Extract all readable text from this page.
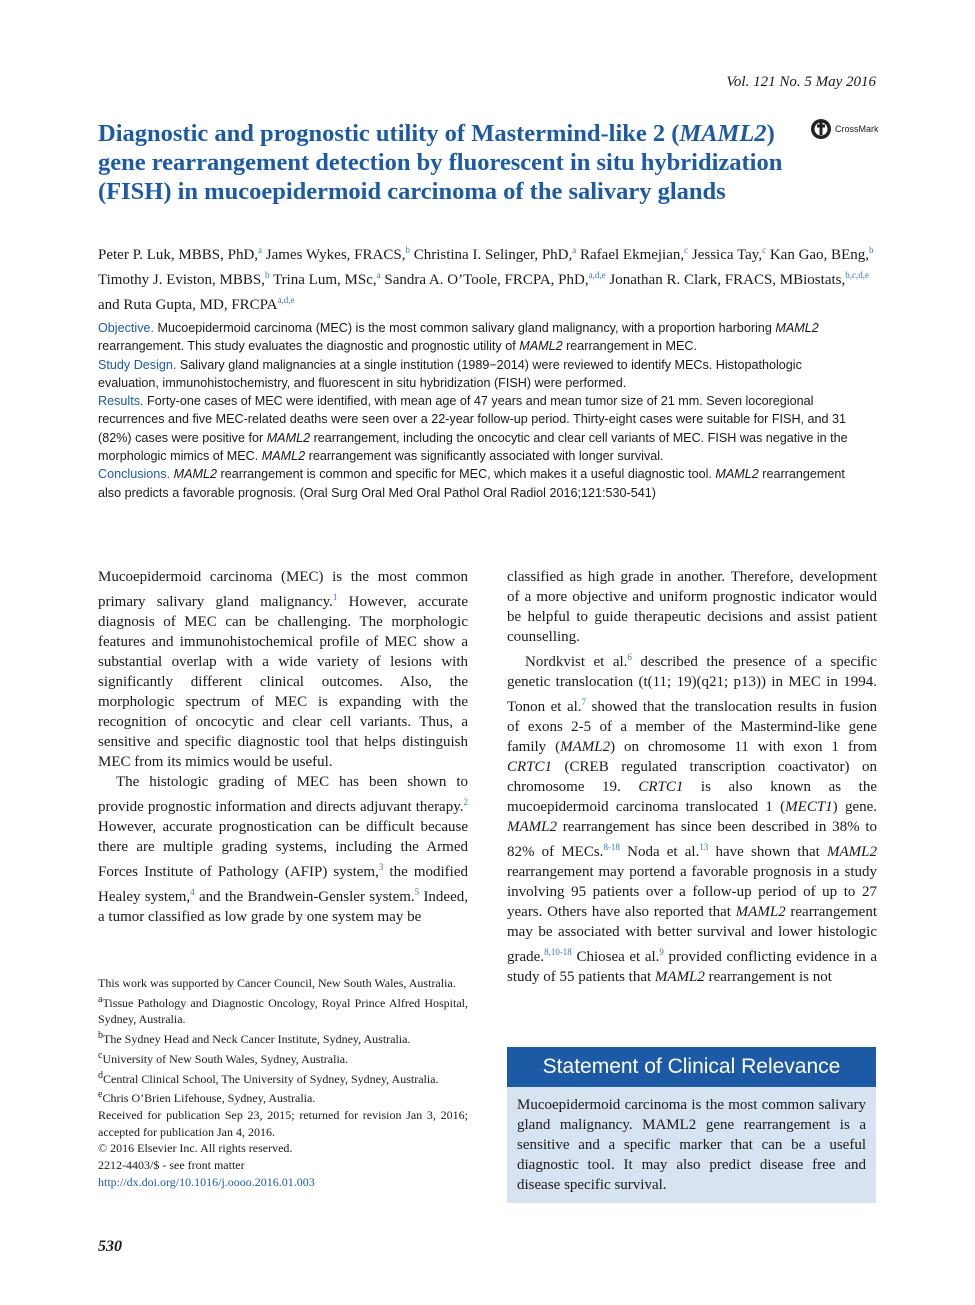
Vol. 121 No. 5 May 2016
Diagnostic and prognostic utility of Mastermind-like 2 (MAML2) gene rearrangement detection by fluorescent in situ hybridization (FISH) in mucoepidermoid carcinoma of the salivary glands
CrossMark
Peter P. Luk, MBBS, PhD,$^a$ James Wykes, FRACS,$^b$ Christina I. Selinger, PhD,$^a$ Rafael Ekmejian,$^c$ Jessica Tay,$^c$ Kan Gao, BEng,$^b$ Timothy J. Eviston, MBBS,$^b$ Trina Lum, MSc,$^a$ Sandra A. O’Toole, FRCPA, PhD,$^{a,d,e}$ Jonathan R. Clark, FRACS, MBiostats,$^{b,c,d,e}$ and Ruta Gupta, MD, FRCPA$^{a,d,e}$

Objective. Mucoepidermoid carcinoma (MEC) is the most common salivary gland malignancy, with a proportion harboring MAML2 rearrangement. This study evaluates the diagnostic and prognostic utility of MAML2 rearrangement in MEC.

Study Design. Salivary gland malignancies at a single institution (1989−2014) were reviewed to identify MECs. Histopathologic evaluation, immunohistochemistry, and fluorescent in situ hybridization (FISH) were performed.

Results. Forty-one cases of MEC were identified, with mean age of 47 years and mean tumor size of 21 mm. Seven locoregional recurrences and five MEC-related deaths were seen over a 22-year follow-up period. Thirty-eight cases were suitable for FISH, and 31 (82%) cases were positive for MAML2 rearrangement, including the oncocytic and clear cell variants of MEC. FISH was negative in the morphologic mimics of MEC. MAML2 rearrangement was significantly associated with longer survival.

Conclusions. MAML2 rearrangement is common and specific for MEC, which makes it a useful diagnostic tool. MAML2 rearrangement also predicts a favorable prognosis. (Oral Surg Oral Med Oral Pathol Oral Radiol 2016;121:530-541)

Mucoepidermoid carcinoma (MEC) is the most common primary salivary gland malignancy.$^1$ However, accurate diagnosis of MEC can be challenging. The morphologic features and immunohistochemical profile of MEC show a substantial overlap with a wide variety of lesions with significantly different clinical outcomes. Also, the morphologic spectrum of MEC is expanding with the recognition of oncocytic and clear cell variants. Thus, a sensitive and specific diagnostic tool that helps distinguish MEC from its mimics would be useful.

The histologic grading of MEC has been shown to provide prognostic information and directs adjuvant therapy.$^2$ However, accurate prognostication can be difficult because there are multiple grading systems, including the Armed Forces Institute of Pathology (AFIP) system,$^3$ the modified Healey system,$^4$ and the Brandwein-Gensler system.$^5$ Indeed, a tumor classified as low grade by one system may be

classified as high grade in another. Therefore, development of a more objective and uniform prognostic indicator would be helpful to guide therapeutic decisions and assist patient counselling.

Nordkvist et al.$^6$ described the presence of a specific genetic translocation (t(11; 19)(q21; p13)) in MEC in 1994. Tonon et al.$^7$ showed that the translocation results in fusion of exons 2-5 of a member of the Mastermind-like gene family (MAML2) on chromosome 11 with exon 1 from CRTC1 (CREB regulated transcription coactivator) on chromosome 19. CRTC1 is also known as the mucoepidermoid carcinoma translocated 1 (MECT1) gene. MAML2 rearrangement has since been described in 38% to 82% of MECs.$^{8-18}$ Noda et al.$^{13}$ have shown that MAML2 rearrangement may portend a favorable prognosis in a study involving 95 patients over a follow-up period of up to 27 years. Others have also reported that MAML2 rearrangement may be associated with better survival and lower histologic grade.$^{8,10-18}$ Chiosea et al.$^9$ provided conflicting evidence in a study of 55 patients that MAML2 rearrangement is not

This work was supported by Cancer Council, New South Wales, Australia.
$^a$Tissue Pathology and Diagnostic Oncology, Royal Prince Alfred Hospital, Sydney, Australia.
$^b$The Sydney Head and Neck Cancer Institute, Sydney, Australia.
$^c$University of New South Wales, Sydney, Australia.
$^d$Central Clinical School, The University of Sydney, Sydney, Australia.
$^e$Chris O’Brien Lifehouse, Sydney, Australia.
Received for publication Sep 23, 2015; returned for revision Jan 3, 2016; accepted for publication Jan 4, 2016.
© 2016 Elsevier Inc. All rights reserved.
2212-4403/$ - see front matter
http://dx.doi.org/10.1016/j.oooo.2016.01.003
Statement of Clinical Relevance
Mucoepidermoid carcinoma is the most common salivary gland malignancy. MAML2 gene rearrangement is a sensitive and a specific marker that can be a useful diagnostic tool. It may also predict disease free and disease specific survival.
530
